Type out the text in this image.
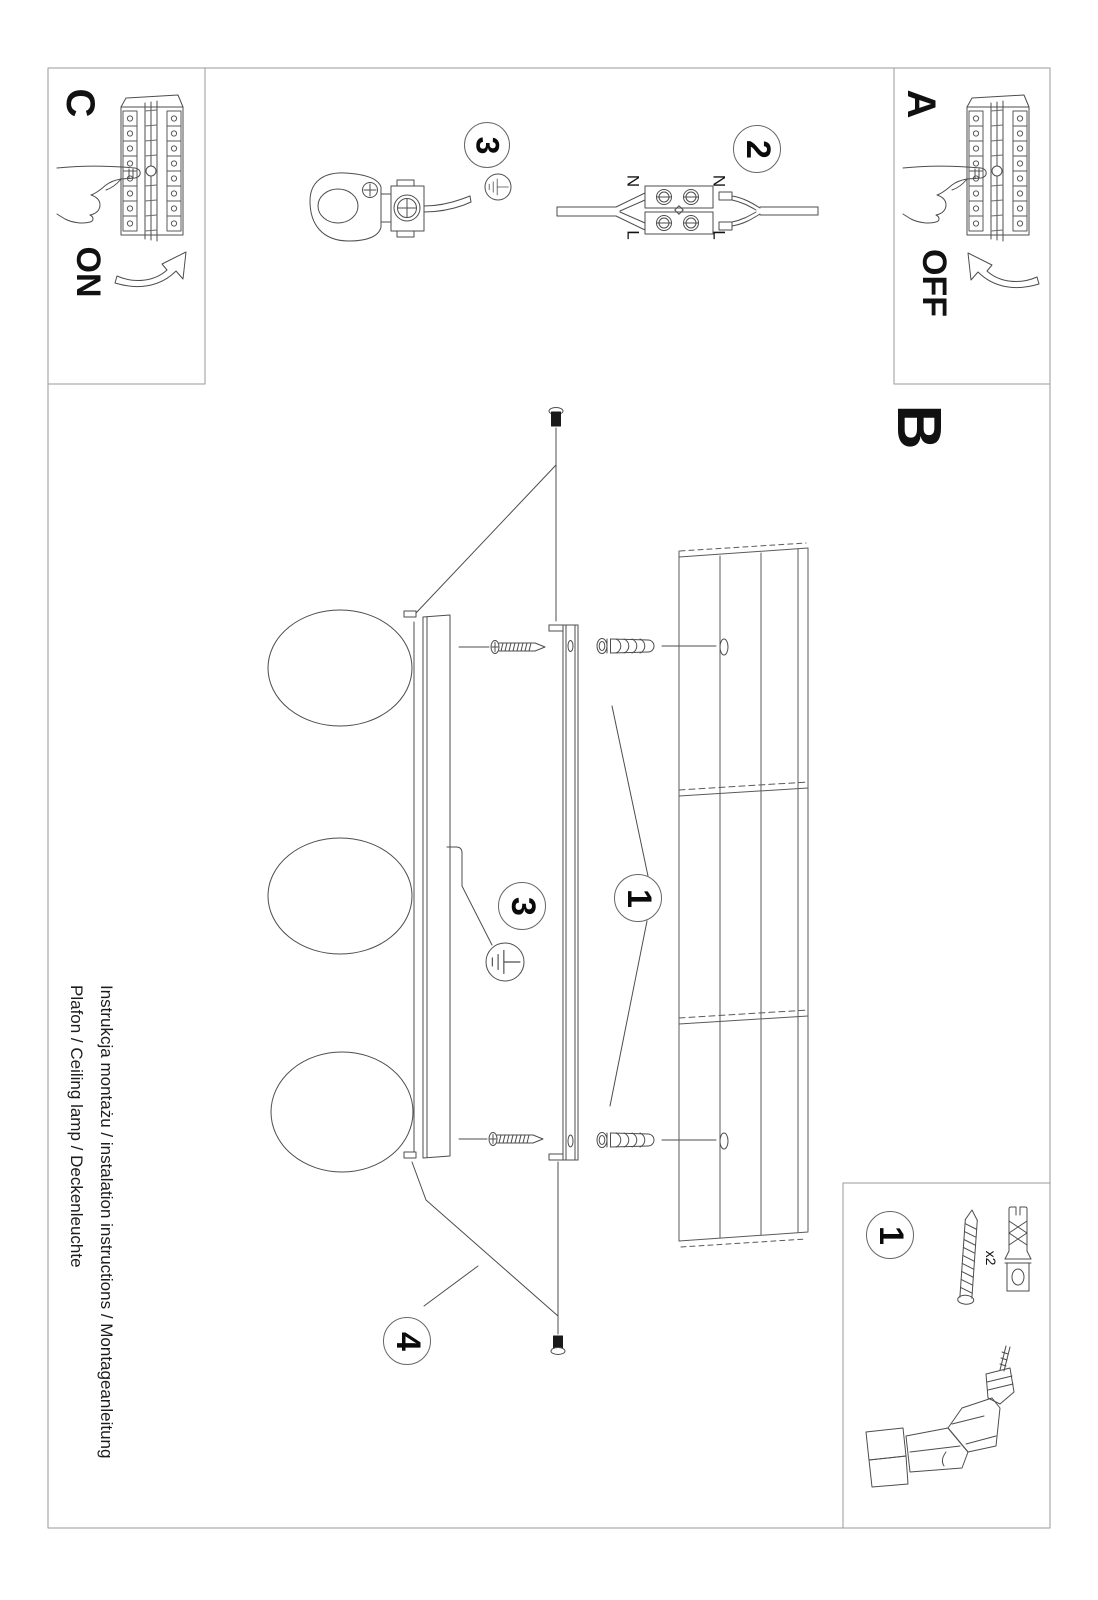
C
ON
A
OFF
B
N	N
L	L
x2
3	2
3 1
4
1
Instrukcja montażu / instalation instructions / Montageanleitung
Plafon / Ceiling lamp / Deckenleuchte
